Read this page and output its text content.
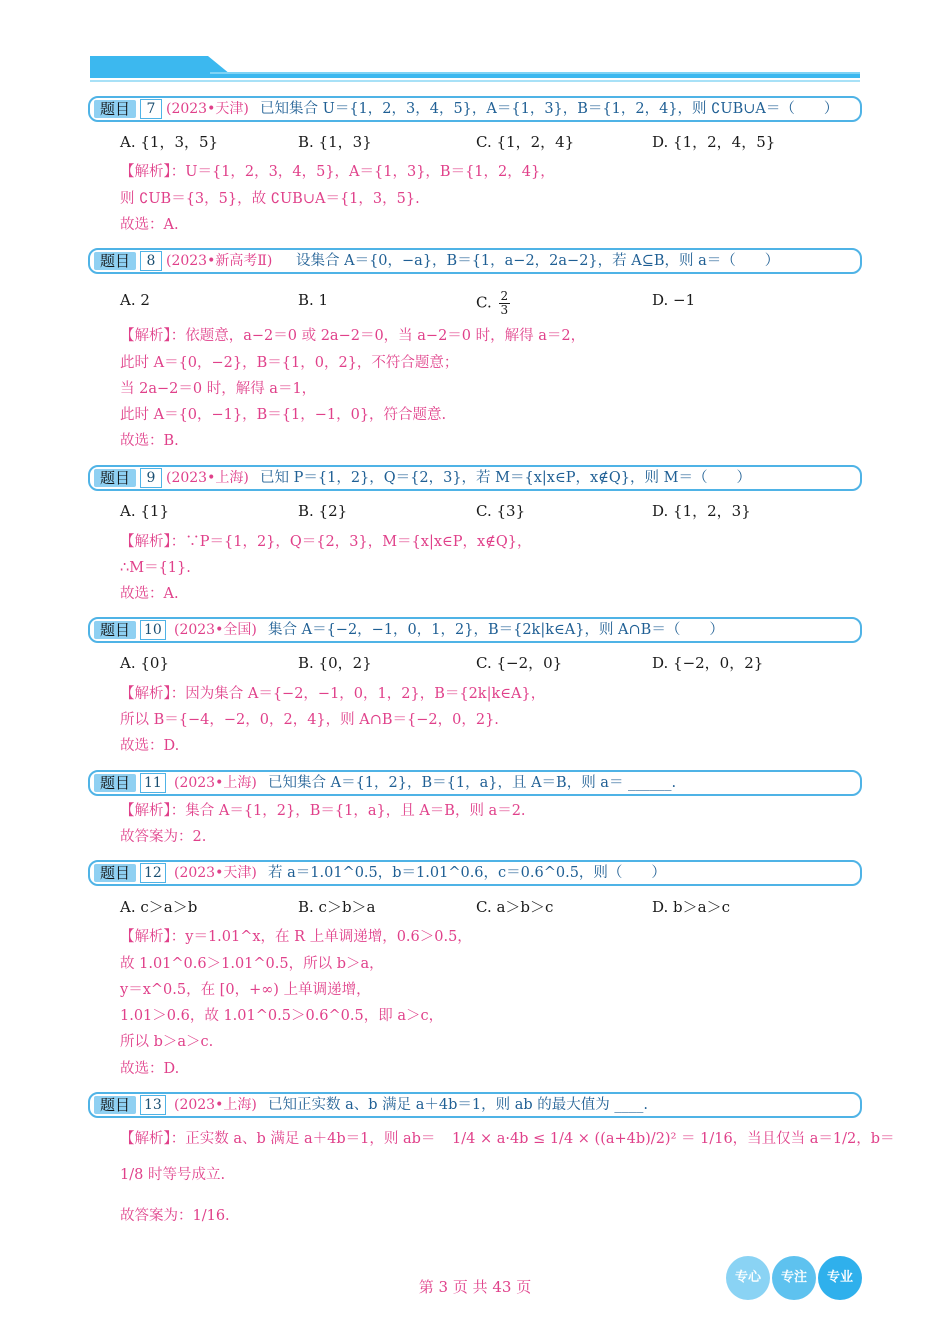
题目	7 (2023•天津) 已知集合 U＝{1，2，3，4，5}，A＝{1，3}，B＝{1，2，4}，则 ∁UB∪A＝（　　）
A. {1，3，5}	B. {1，3}	C. {1，2，4}	D. {1，2，4，5}
【解析】：U＝{1，2，3，4，5}，A＝{1，3}，B＝{1，2，4}，
则 ∁UB＝{3，5}，故 ∁UB∪A＝{1，3，5}.
故选：A.
题目	8 (2023•新高考Ⅱ) 设集合 A＝{0，−a}，B＝{1，a−2，2a−2}，若 A⊆B，则 a＝（　　）
A. 2	B. 1	C. $\frac{2}{3}$	D. −1
【解析】：依题意，a−2＝0 或 2a−2＝0，当 a−2＝0 时，解得 a＝2，
此时 A＝{0，−2}，B＝{1，0，2}，不符合题意；
当 2a−2＝0 时，解得 a＝1，
此时 A＝{0，−1}，B＝{1，−1，0}，符合题意.
故选：B.
题目	9 (2023•上海) 已知 P＝{1，2}，Q＝{2，3}，若 M＝{x|x∈P，x∉Q}，则 M＝（　　）
A. {1}	B. {2}	C. {3}	D. {1，2，3}
【解析】：∵P＝{1，2}，Q＝{2，3}，M＝{x|x∈P，x∉Q}，
∴M＝{1}.
故选：A.
题目 10 (2023•全国) 集合 A＝{−2，−1，0，1，2}，B＝{2k|k∈A}，则 A∩B＝（　　）
A. {0}	B. {0，2}	C. {−2，0}	D. {−2，0，2}
【解析】：因为集合 A＝{−2，−1，0，1，2}，B＝{2k|k∈A}，
所以 B＝{−4，−2，0，2，4}，则 A∩B＝{−2，0，2}.
故选：D.
题目 11 (2023•上海) 已知集合 A＝{1，2}，B＝{1，a}，且 A＝B，则 a＝ ______.
【解析】：集合 A＝{1，2}，B＝{1，a}，且 A＝B，则 a＝2.
故答案为：2.
题目 12 (2023•天津) 若 a＝1.01^0.5，b＝1.01^0.6，c＝0.6^0.5，则（　　）
A. c＞a＞b	B. c＞b＞a	C. a＞b＞c	D. b＞a＞c
【解析】：y＝1.01^x，在 R 上单调递增，0.6＞0.5，
故 1.01^0.6＞1.01^0.5，所以 b＞a，
y＝x^0.5，在 [0，+∞) 上单调递增，
1.01＞0.6，故 1.01^0.5＞0.6^0.5，即 a＞c，
所以 b＞a＞c.
故选：D.
题目 13 (2023•上海) 已知正实数 a、b 满足 a＋4b＝1，则 ab 的最大值为 ____.
【解析】：正实数 a、b 满足 a＋4b＝1，则 ab＝ 1/4 × a·4b ≤ 1/4 × ((a+4b)/2)² ＝ 1/16，当且仅当 a＝1/2，b＝
1/8 时等号成立.
故答案为：1/16.
第 3 页 共 43 页
专心	专注	专业
